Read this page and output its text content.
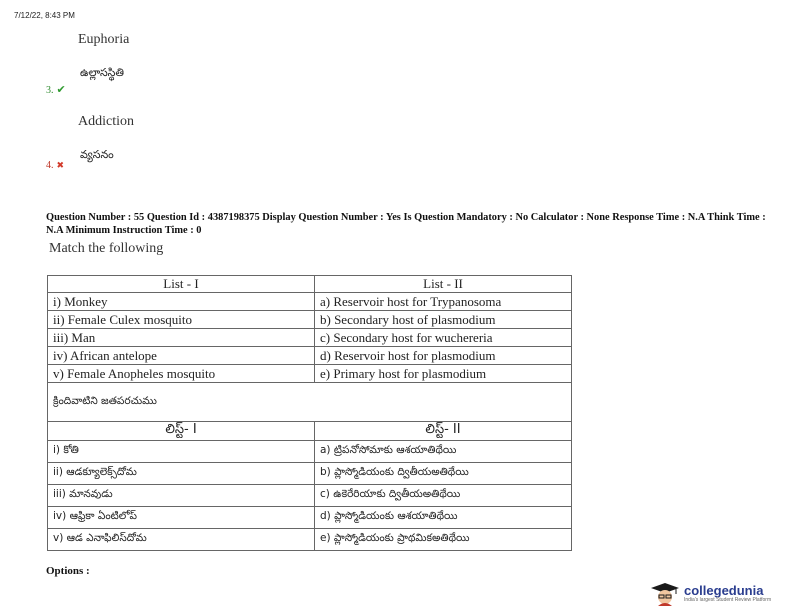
7/12/22, 8:43 PM
Euphoria
ఉల్లాసస్థితి
3. ✔
Addiction
వ్యసనం
4. ✖
Question Number : 55 Question Id : 4387198375 Display Question Number : Yes Is Question Mandatory : No Calculator : None Response Time : N.A Think Time : N.A Minimum Instruction Time : 0
Match the following
List - I	List - II
i) Monkey	a) Reservoir host for Trypanosoma
ii) Female Culex mosquito	b) Secondary host of plasmodium
iii) Man	c) Secondary host for wuchereria
iv) African antelope	d) Reservoir host for plasmodium
v) Female Anopheles mosquito	e) Primary host for plasmodium
క్రిందివాటిని జతపరచుము	
లిస్ట్- I	లిస్ట్- II
i) కోతి	a) ట్రిపనోసోమాకు ఆశయాతిథేయి
ii) ఆడక్యూలెక్స్‌దోమ	b) ప్లాస్మోడియంకు ద్వితీయఅతిథేయి
iii) మానవుడు	c) ఉకెరేరియాకు ద్వితీయఅతిథేయి
iv) ఆఫ్రికా ఏంటిలోప్	d) ప్లాస్మోడియంకు ఆశయాతిథేయి
v) ఆడ ఎనాఫిలిస్‌దోమ	e) ప్లాస్మోడియంకు ప్రాథమికఅతిథేయి
Options :
collegedunia
India's largest Student Review Platform
